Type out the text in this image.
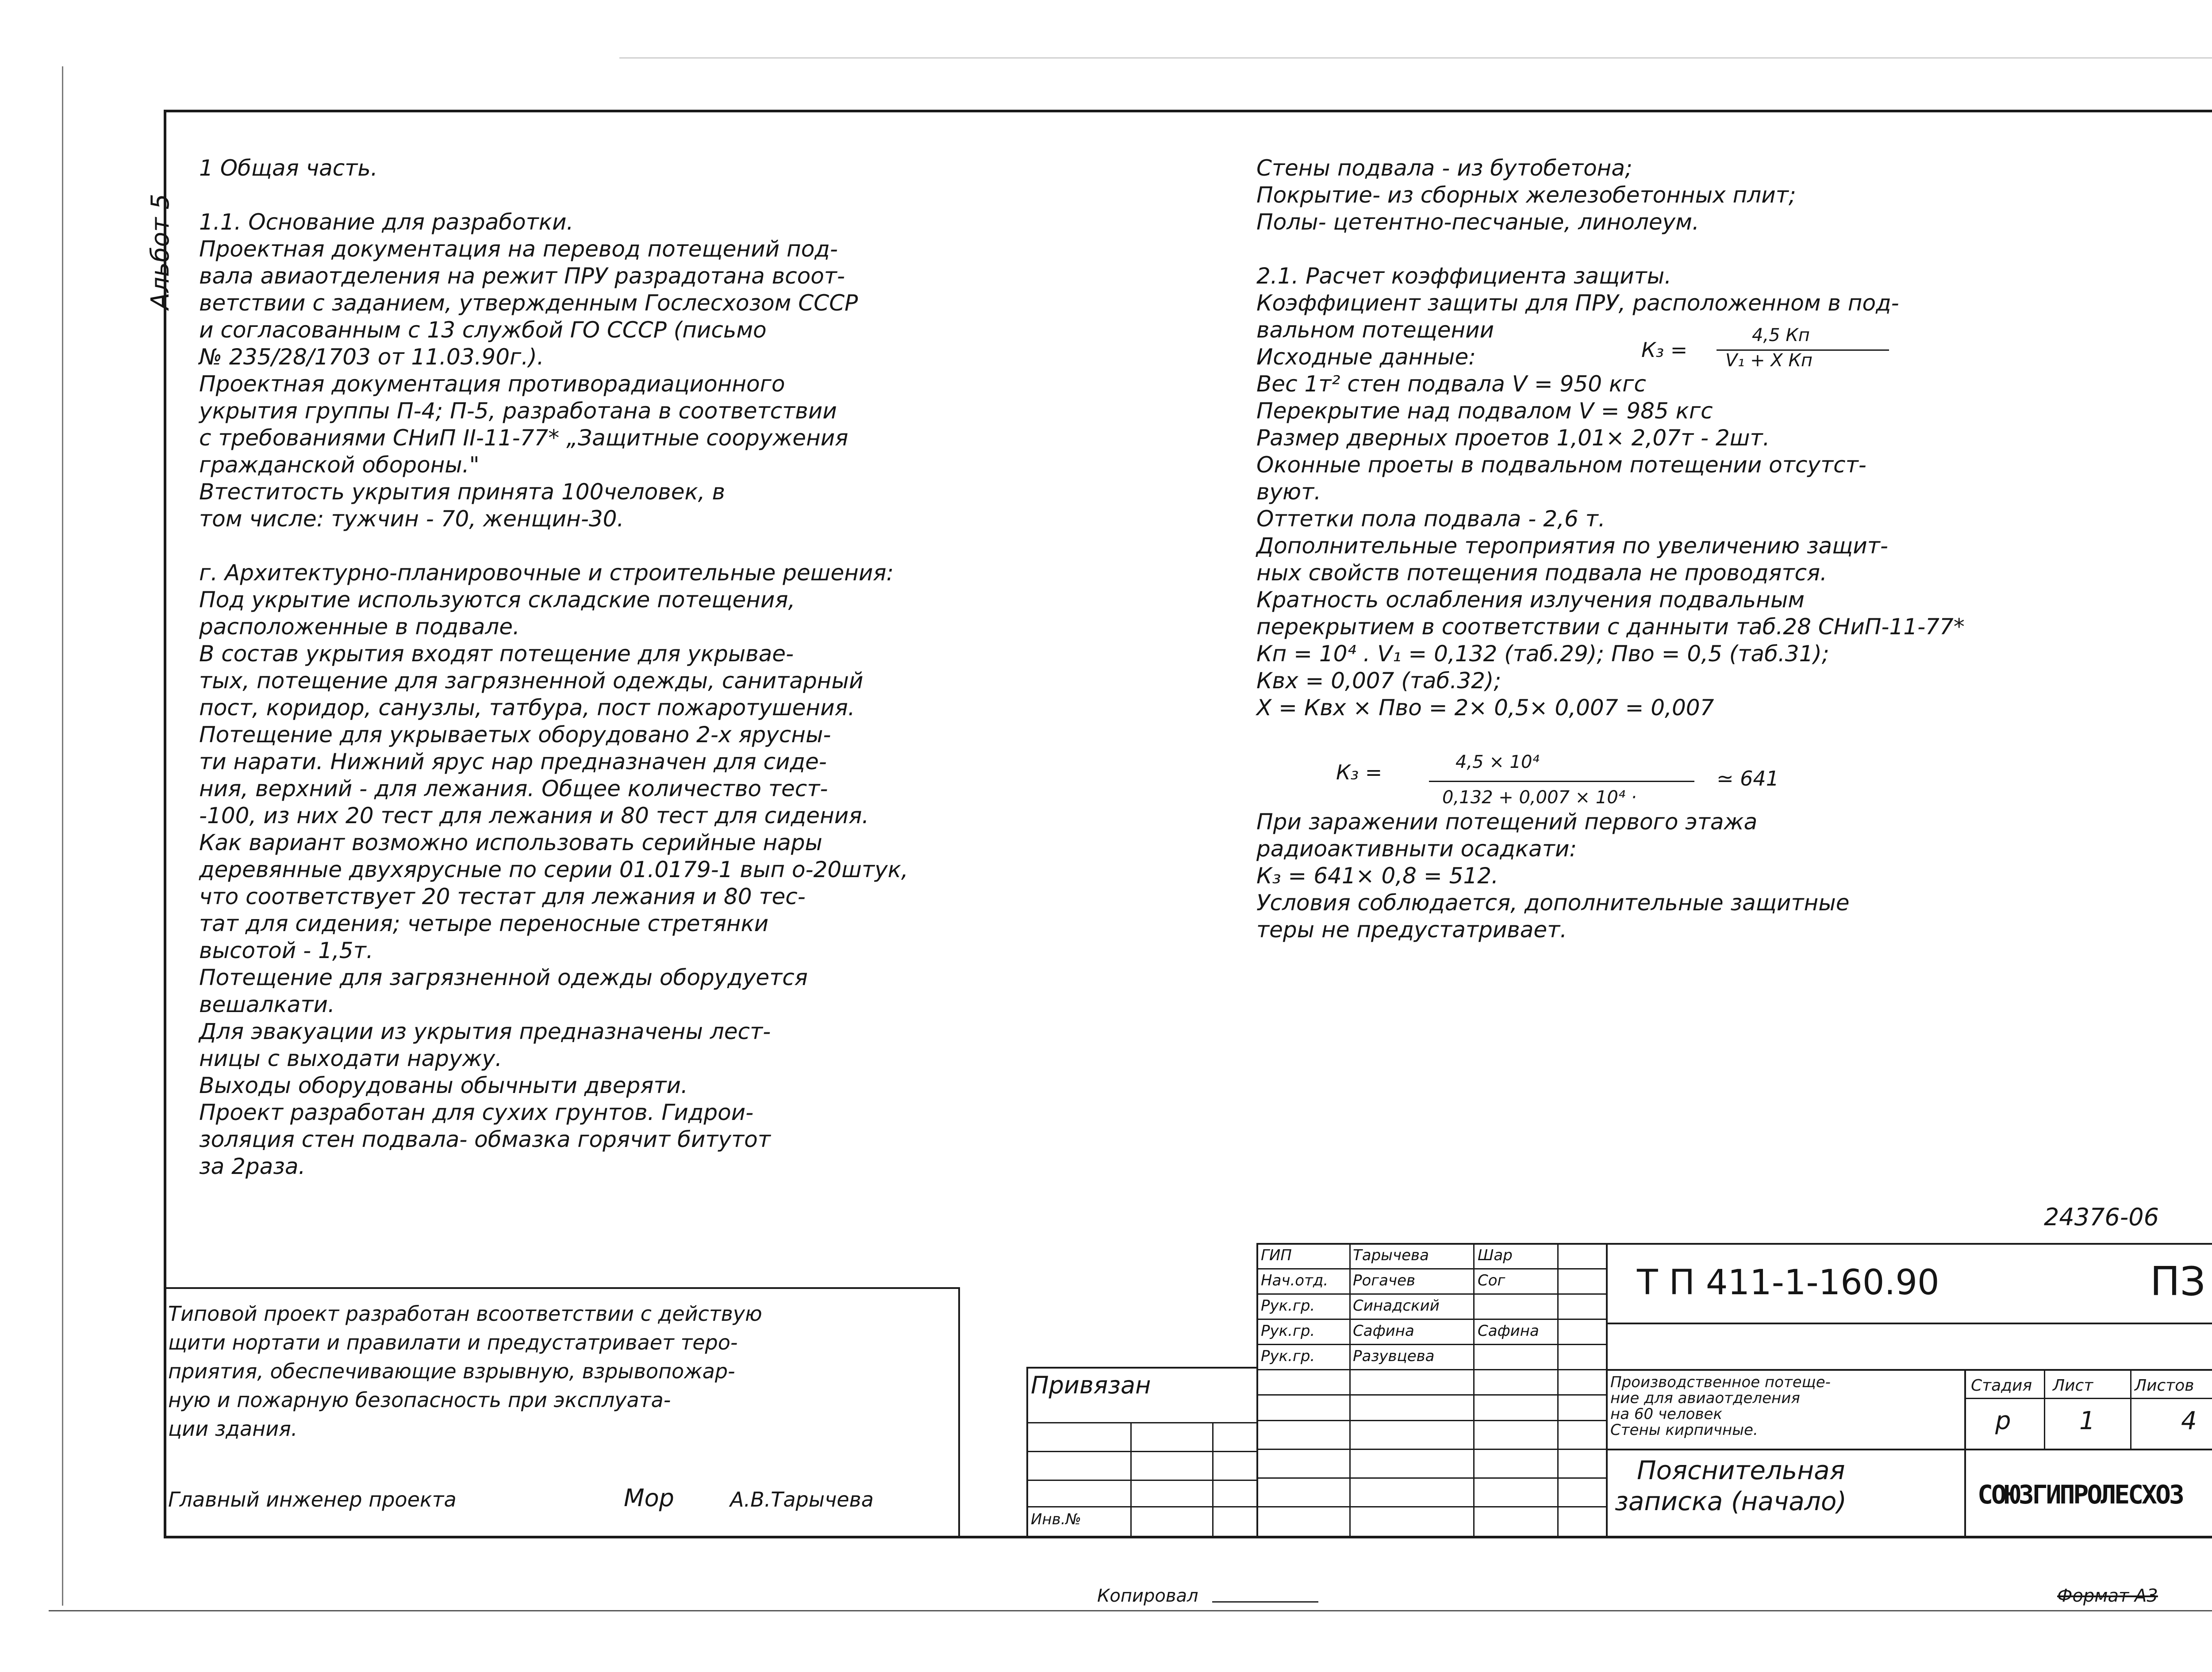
Альбот 5
1 Общая часть.
1.1. Основание для разработки.
Проектная документация на перевод потещений под-
вала авиаотделения на режит ПРУ разрадотана всоот-
ветствии с заданием, утвержденным Гослесхозом СССР
и согласованным с 13 службой ГО СССР (письмо
№ 235/28/1703 от 11.03.90г.).
Проектная документация противорадиационного
укрытия группы П-4; П-5, разработана в соответствии
с требованиями СНиП II-11-77* „Защитные сооружения
гражданской обороны."
Втеститость укрытия принята 100человек, в
том числе: тужчин - 70, женщин-30.
г. Архитектурно-планировочные и строительные решения:
Под укрытие используются складские потещения,
расположенные в подвале.
В состав укрытия входят потещение для укрывае-
тых, потещение для загрязненной одежды, санитарный
пост, коридор, санузлы, татбура, пост пожаротушения.
Потещение для укрываетых оборудовано 2-х ярусны-
ти нарати. Нижний ярус нар предназначен для сиде-
ния, верхний - для лежания. Общее количество тест-
-100, из них 20 тест для лежания и 80 тест для сидения.
Как вариант возможно использовать серийные нары
деревянные двухярусные по серии 01.0179-1 вып о-20штук,
что соответствует 20 тестат для лежания и 80 тес-
тат для сидения; четыре переносные стретянки
высотой - 1,5т.
Потещение для загрязненной одежды оборудуется
вешалкати.
Для эвакуации из укрытия предназначены лест-
ницы с выходати наружу.
Выходы оборудованы обычныти дверяти.
Проект разработан для сухих грунтов. Гидрои-
золяция стен подвала- обмазка горячит битутот
за 2раза.
Стены подвала - из бутобетона;
Покрытие- из сборных железобетонных плит;
Полы- цетентно-песчаные, линолеум.
2.1. Расчет коэффициента защиты.
Коэффициент защиты для ПРУ, расположенном в под-
вальном потещении
Исходные данные:
Вес 1т² стен подвала V = 950 кгс
Перекрытие над подвалом V = 985 кгс
Размер дверных проетов 1,01× 2,07т - 2шт.
Оконные проеты в подвальном потещении отсутст-
вуют.
Оттетки пола подвала - 2,6 т.
Дополнительные тероприятия по увеличению защит-
ных свойств потещения подвала не проводятся.
Кратность ослабления излучения подвальным
перекрытием в соответствии с данныти таб.28 СНиП-11-77*
Кп = 10⁴ . V₁ = 0,132 (таб.29); Пво = 0,5 (таб.31);
Квх = 0,007 (таб.32);
Χ = Квх × Пво = 2× 0,5× 0,007 = 0,007
К₃ =
4,5 Кп
V₁ + Χ Кп
К₃ =	4,5 × 10⁴
0,132 + 0,007 × 10⁴ ·
≃ 641
При заражении потещений первого этажа
радиоактивныти осадкати:
К₃ = 641× 0,8 = 512.
Условия соблюдается, дополнительные защитные
теры не предустатривает.
24376-06
Типовой проект разработан всоответствии с действую
щити нортати и правилати и предустатривает теро-
приятия, обеспечивающие взрывную, взрывопожар-
ную и пожарную безопасность при эксплуата-
ции здания.
Главный инженер проекта	Мор	А.В.Тарычева
Привязан
Инв.№
ГИП	Тарычева	Шар
Нач.отд. Рогачев	Сог
Рук.гр.	Синадский
Рук.гр.	Сафина	Сафина
Рук.гр.	Разувцева
Т П 411-1-160.90	ПЗ
Производственное потеще-
ние для авиаотделения
на 60 человек
Стены кирпичные.
Стадия Лист	Листов
р	1	4
Пояснительная
записка (начало)	СОЮЗГИПРОЛЕСХОЗ
Копировал	Формат А3
